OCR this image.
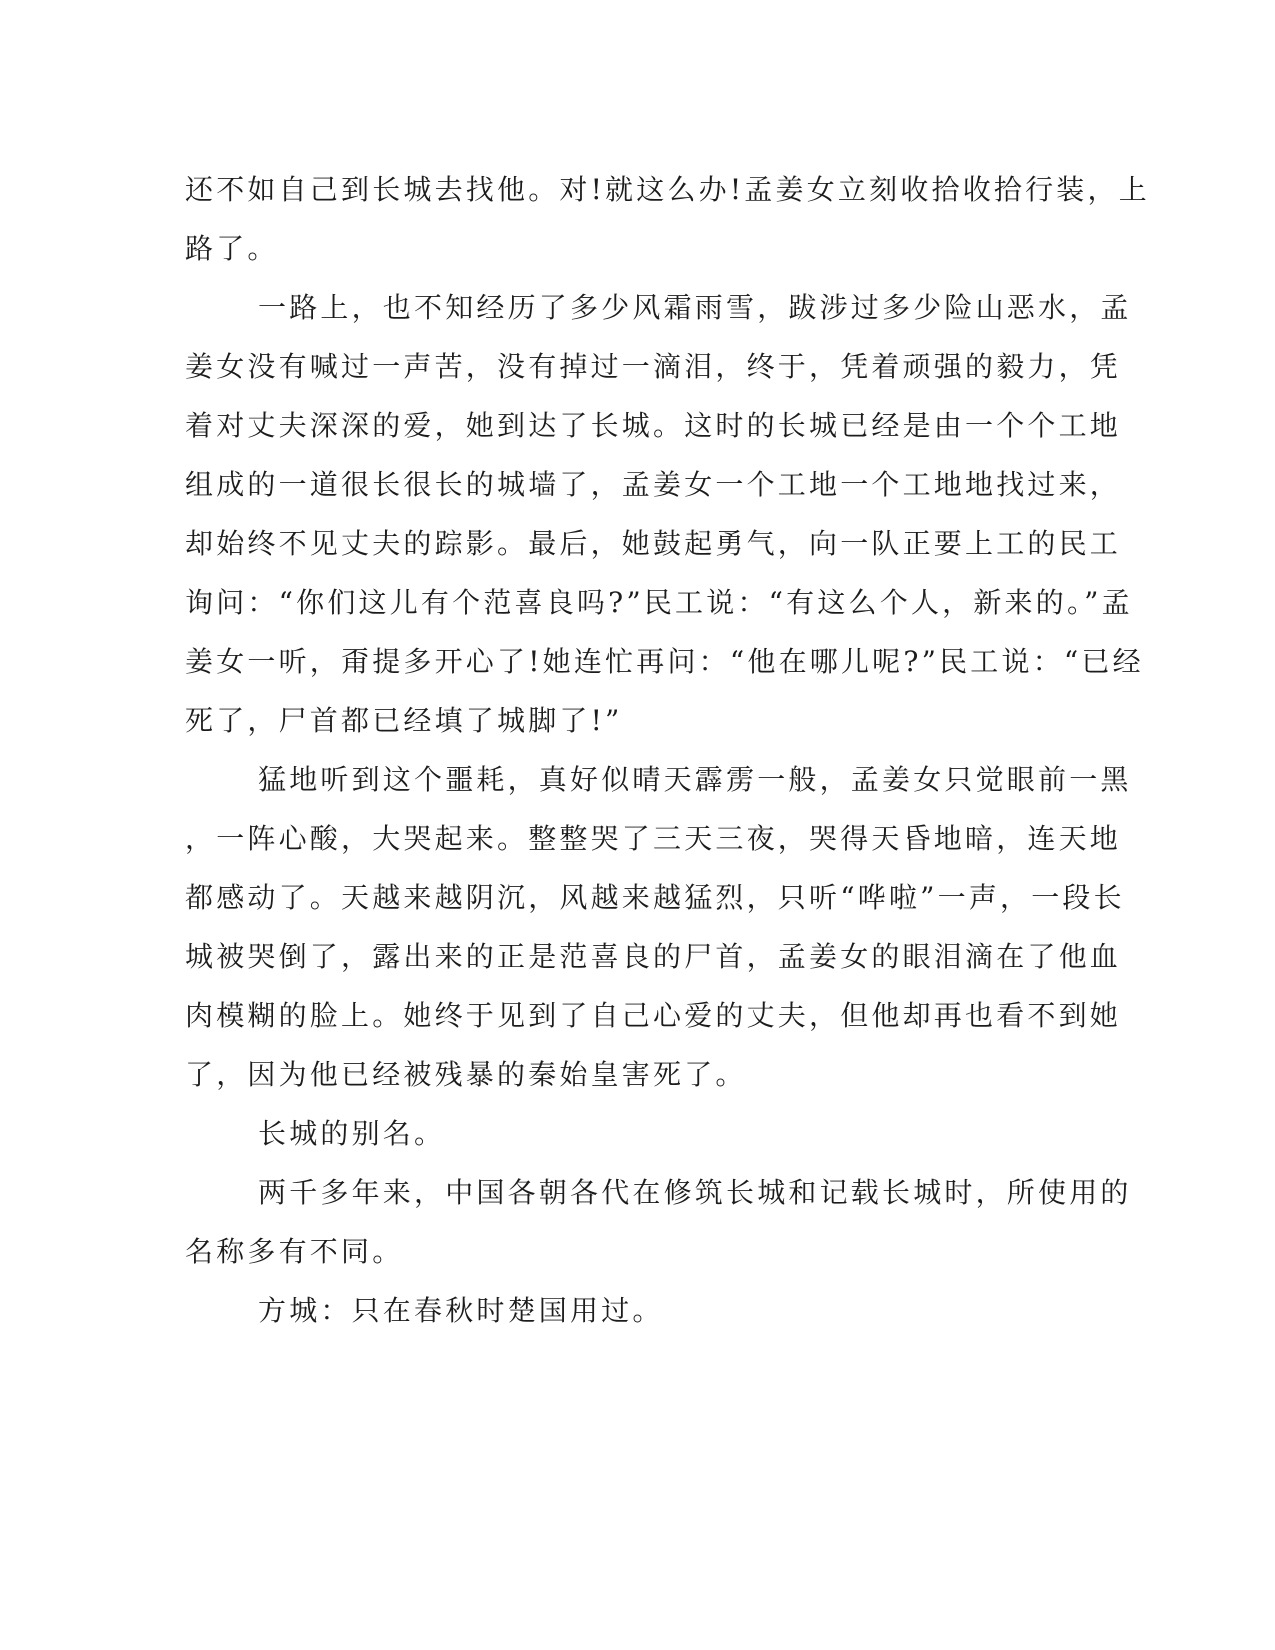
还不如自己到长城去找他。对!就这么办!孟姜女立刻收拾收拾行装，上
路了。

一路上，也不知经历了多少风霜雨雪，跋涉过多少险山恶水，孟
姜女没有喊过一声苦，没有掉过一滴泪，终于，凭着顽强的毅力，凭
着对丈夫深深的爱，她到达了长城。这时的长城已经是由一个个工地
组成的一道很长很长的城墙了，孟姜女一个工地一个工地地找过来，
却始终不见丈夫的踪影。最后，她鼓起勇气，向一队正要上工的民工
询问：“你们这儿有个范喜良吗?”民工说：“有这么个人，新来的。”孟
姜女一听，甭提多开心了!她连忙再问：“他在哪儿呢?”民工说：“已经
死了，尸首都已经填了城脚了!”

猛地听到这个噩耗，真好似晴天霹雳一般，孟姜女只觉眼前一黑
，一阵心酸，大哭起来。整整哭了三天三夜，哭得天昏地暗，连天地
都感动了。天越来越阴沉，风越来越猛烈，只听“哗啦”一声，一段长
城被哭倒了，露出来的正是范喜良的尸首，孟姜女的眼泪滴在了他血
肉模糊的脸上。她终于见到了自己心爱的丈夫，但他却再也看不到她
了，因为他已经被残暴的秦始皇害死了。

长城的别名。

两千多年来，中国各朝各代在修筑长城和记载长城时，所使用的
名称多有不同。

方城：只在春秋时楚国用过。
